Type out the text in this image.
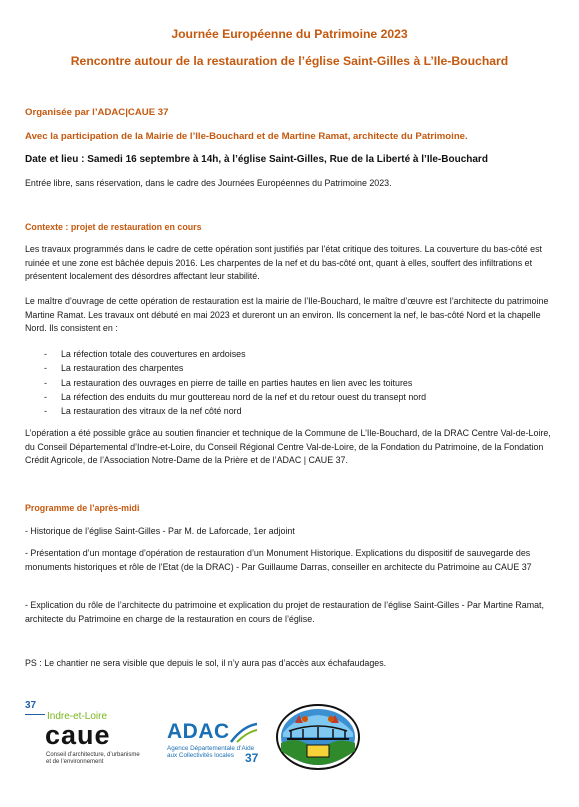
Journée Européenne du Patrimoine 2023
Rencontre autour de la restauration de l’église Saint-Gilles à L’Ile-Bouchard
Organisée par l’ADAC|CAUE 37
Avec la participation de la Mairie de l’Ile-Bouchard et de Martine Ramat, architecte du Patrimoine.
Date et lieu : Samedi 16 septembre à 14h, à l’église Saint-Gilles, Rue de la Liberté à l’Ile-Bouchard
Entrée libre, sans réservation, dans le cadre des Journées Européennes du Patrimoine 2023.
Contexte : projet de restauration en cours
Les travaux programmés dans le cadre de cette opération sont justifiés par l’état critique des toitures. La couverture du bas-côté est ruinée et une zone est bâchée depuis 2016. Les charpentes de la nef et du bas-côté ont, quant à elles, souffert des infiltrations et présentent localement des désordres affectant leur stabilité.
Le maître d’ouvrage de cette opération de restauration est la mairie de l’Ile-Bouchard, le maître d’œuvre est l’architecte du patrimoine Martine Ramat. Les travaux ont débuté en mai 2023 et dureront un an environ. Ils concernent la nef, le bas-côté Nord et la chapelle Nord. Ils consistent en :
- La réfection totale des couvertures en ardoises
- La restauration des charpentes
- La restauration des ouvrages en pierre de taille en parties hautes en lien avec les toitures
- La réfection des enduits du mur gouttereau nord de la nef et du retour ouest du transept nord
- La restauration des vitraux de la nef côté nord
L’opération a été possible grâce au soutien financier et technique de la Commune de L’Ile-Bouchard, de la DRAC Centre Val-de-Loire, du Conseil Départemental d’Indre-et-Loire, du Conseil Régional Centre Val-de-Loire, de la Fondation du Patrimoine, de la Fondation Crédit Agricole, de l’Association Notre-Dame de la Prière et de l’ADAC | CAUE 37.
Programme de l’après-midi
- Historique de l’église Saint-Gilles - Par M. de Laforcade, 1er adjoint
- Présentation d’un montage d’opération de restauration d’un Monument Historique. Explications du dispositif de sauvegarde des monuments historiques et rôle de l’Etat (de la DRAC) - Par Guillaume Darras, conseiller en architecte du Patrimoine au CAUE 37
- Explication du rôle de l’architecte du patrimoine et explication du projet de restauration de l’église Saint-Gilles - Par Martine Ramat, architecte du Patrimoine en charge de la restauration en cours de l’église.
PS : Le chantier ne sera visible que depuis le sol, il n’y aura pas d’accès aux échafaudages.
37
Indre-et-Loire
caue
Conseil d’architecture, d’urbanisme
et de l’environnement
ADAC
Agence Départementale d’Aide
aux Collectivités locales 37
